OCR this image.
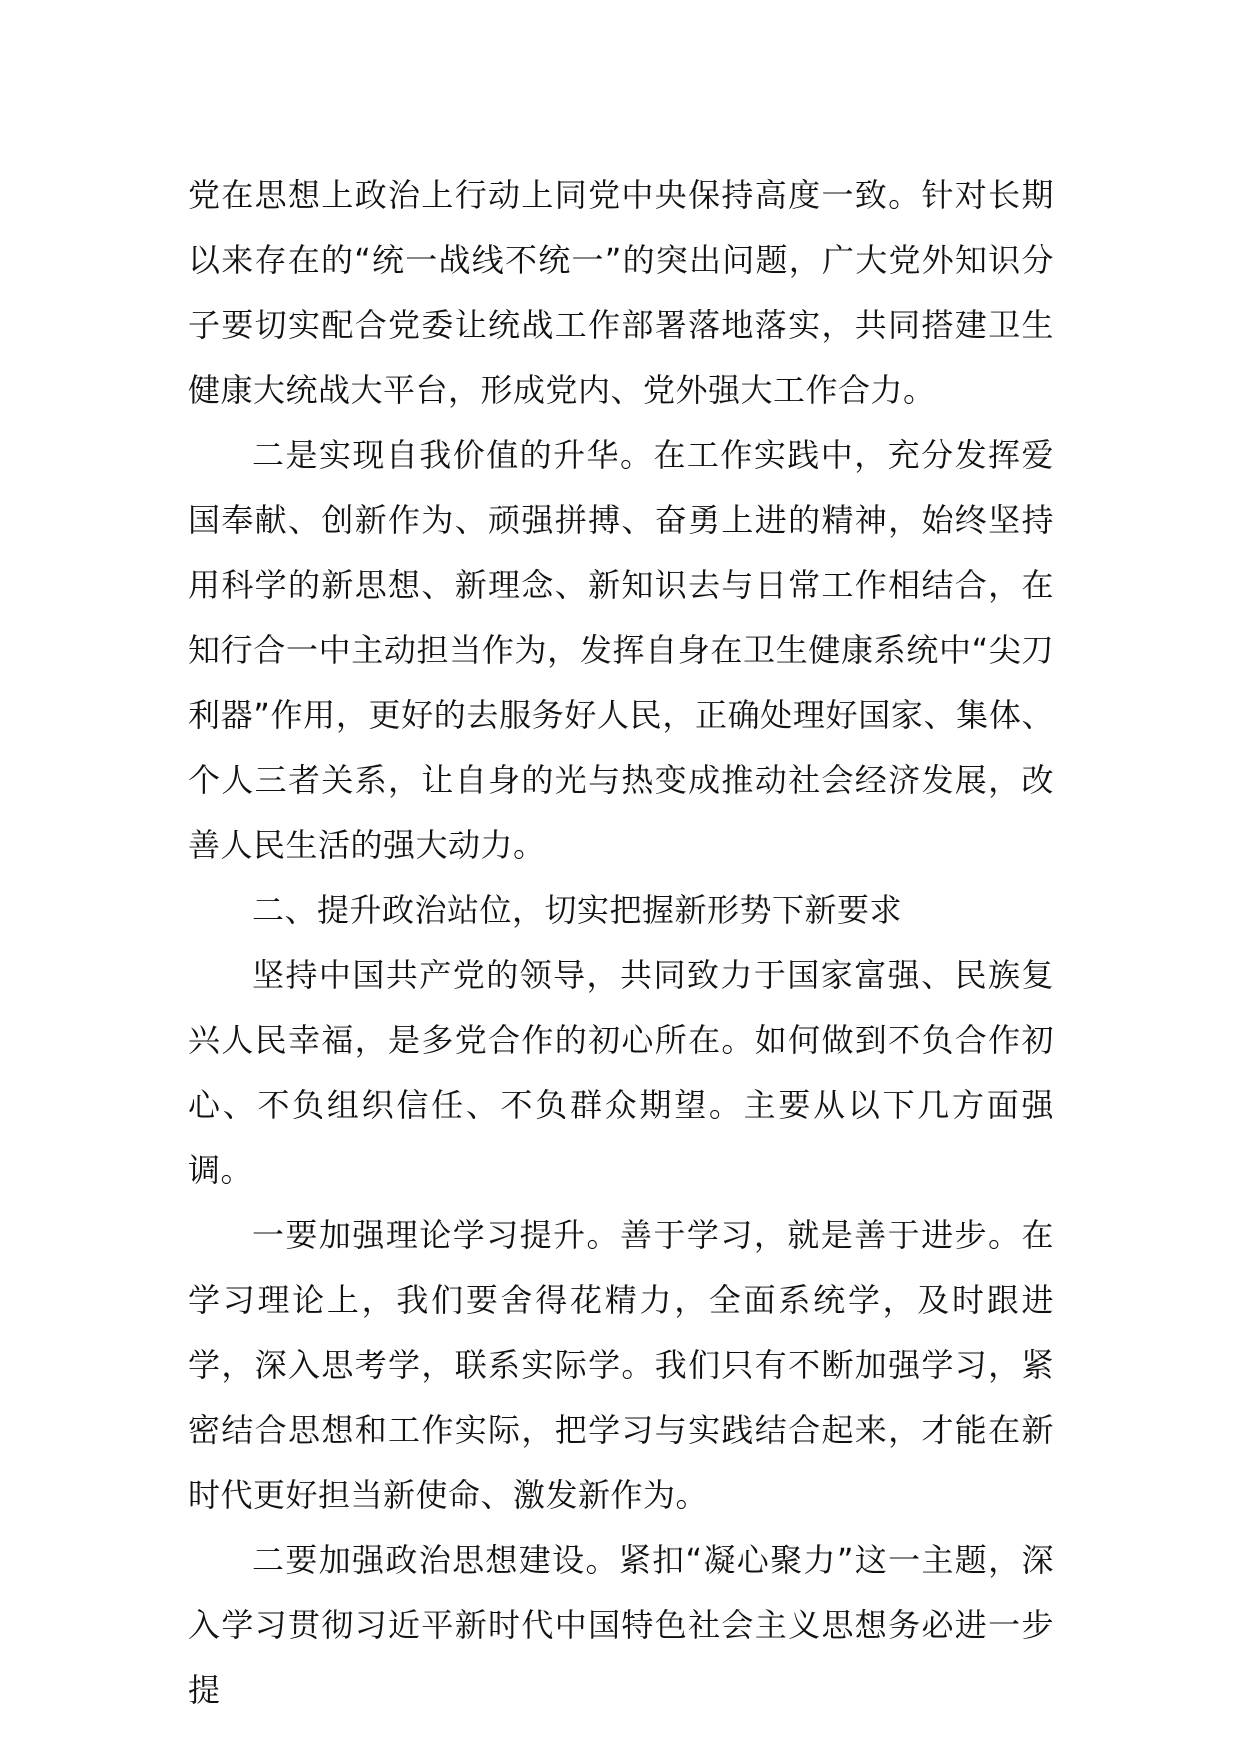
党在思想上政治上行动上同党中央保持高度一致。针对长期以来存在的“统一战线不统一”的突出问题，广大党外知识分子要切实配合党委让统战工作部署落地落实，共同搭建卫生健康大统战大平台，形成党内、党外强大工作合力。

二是实现自我价值的升华。在工作实践中，充分发挥爱国奉献、创新作为、顽强拼搏、奋勇上进的精神，始终坚持用科学的新思想、新理念、新知识去与日常工作相结合，在知行合一中主动担当作为，发挥自身在卫生健康系统中“尖刀利器”作用，更好的去服务好人民，正确处理好国家、集体、个人三者关系，让自身的光与热变成推动社会经济发展，改善人民生活的强大动力。

二、提升政治站位，切实把握新形势下新要求

坚持中国共产党的领导，共同致力于国家富强、民族复兴人民幸福，是多党合作的初心所在。如何做到不负合作初心、不负组织信任、不负群众期望。主要从以下几方面强调。

一要加强理论学习提升。善于学习，就是善于进步。在学习理论上，我们要舍得花精力，全面系统学，及时跟进学，深入思考学，联系实际学。我们只有不断加强学习，紧密结合思想和工作实际，把学习与实践结合起来，才能在新时代更好担当新使命、激发新作为。

二要加强政治思想建设。紧扣“凝心聚力”这一主题，深入学习贯彻习近平新时代中国特色社会主义思想务必进一步提
